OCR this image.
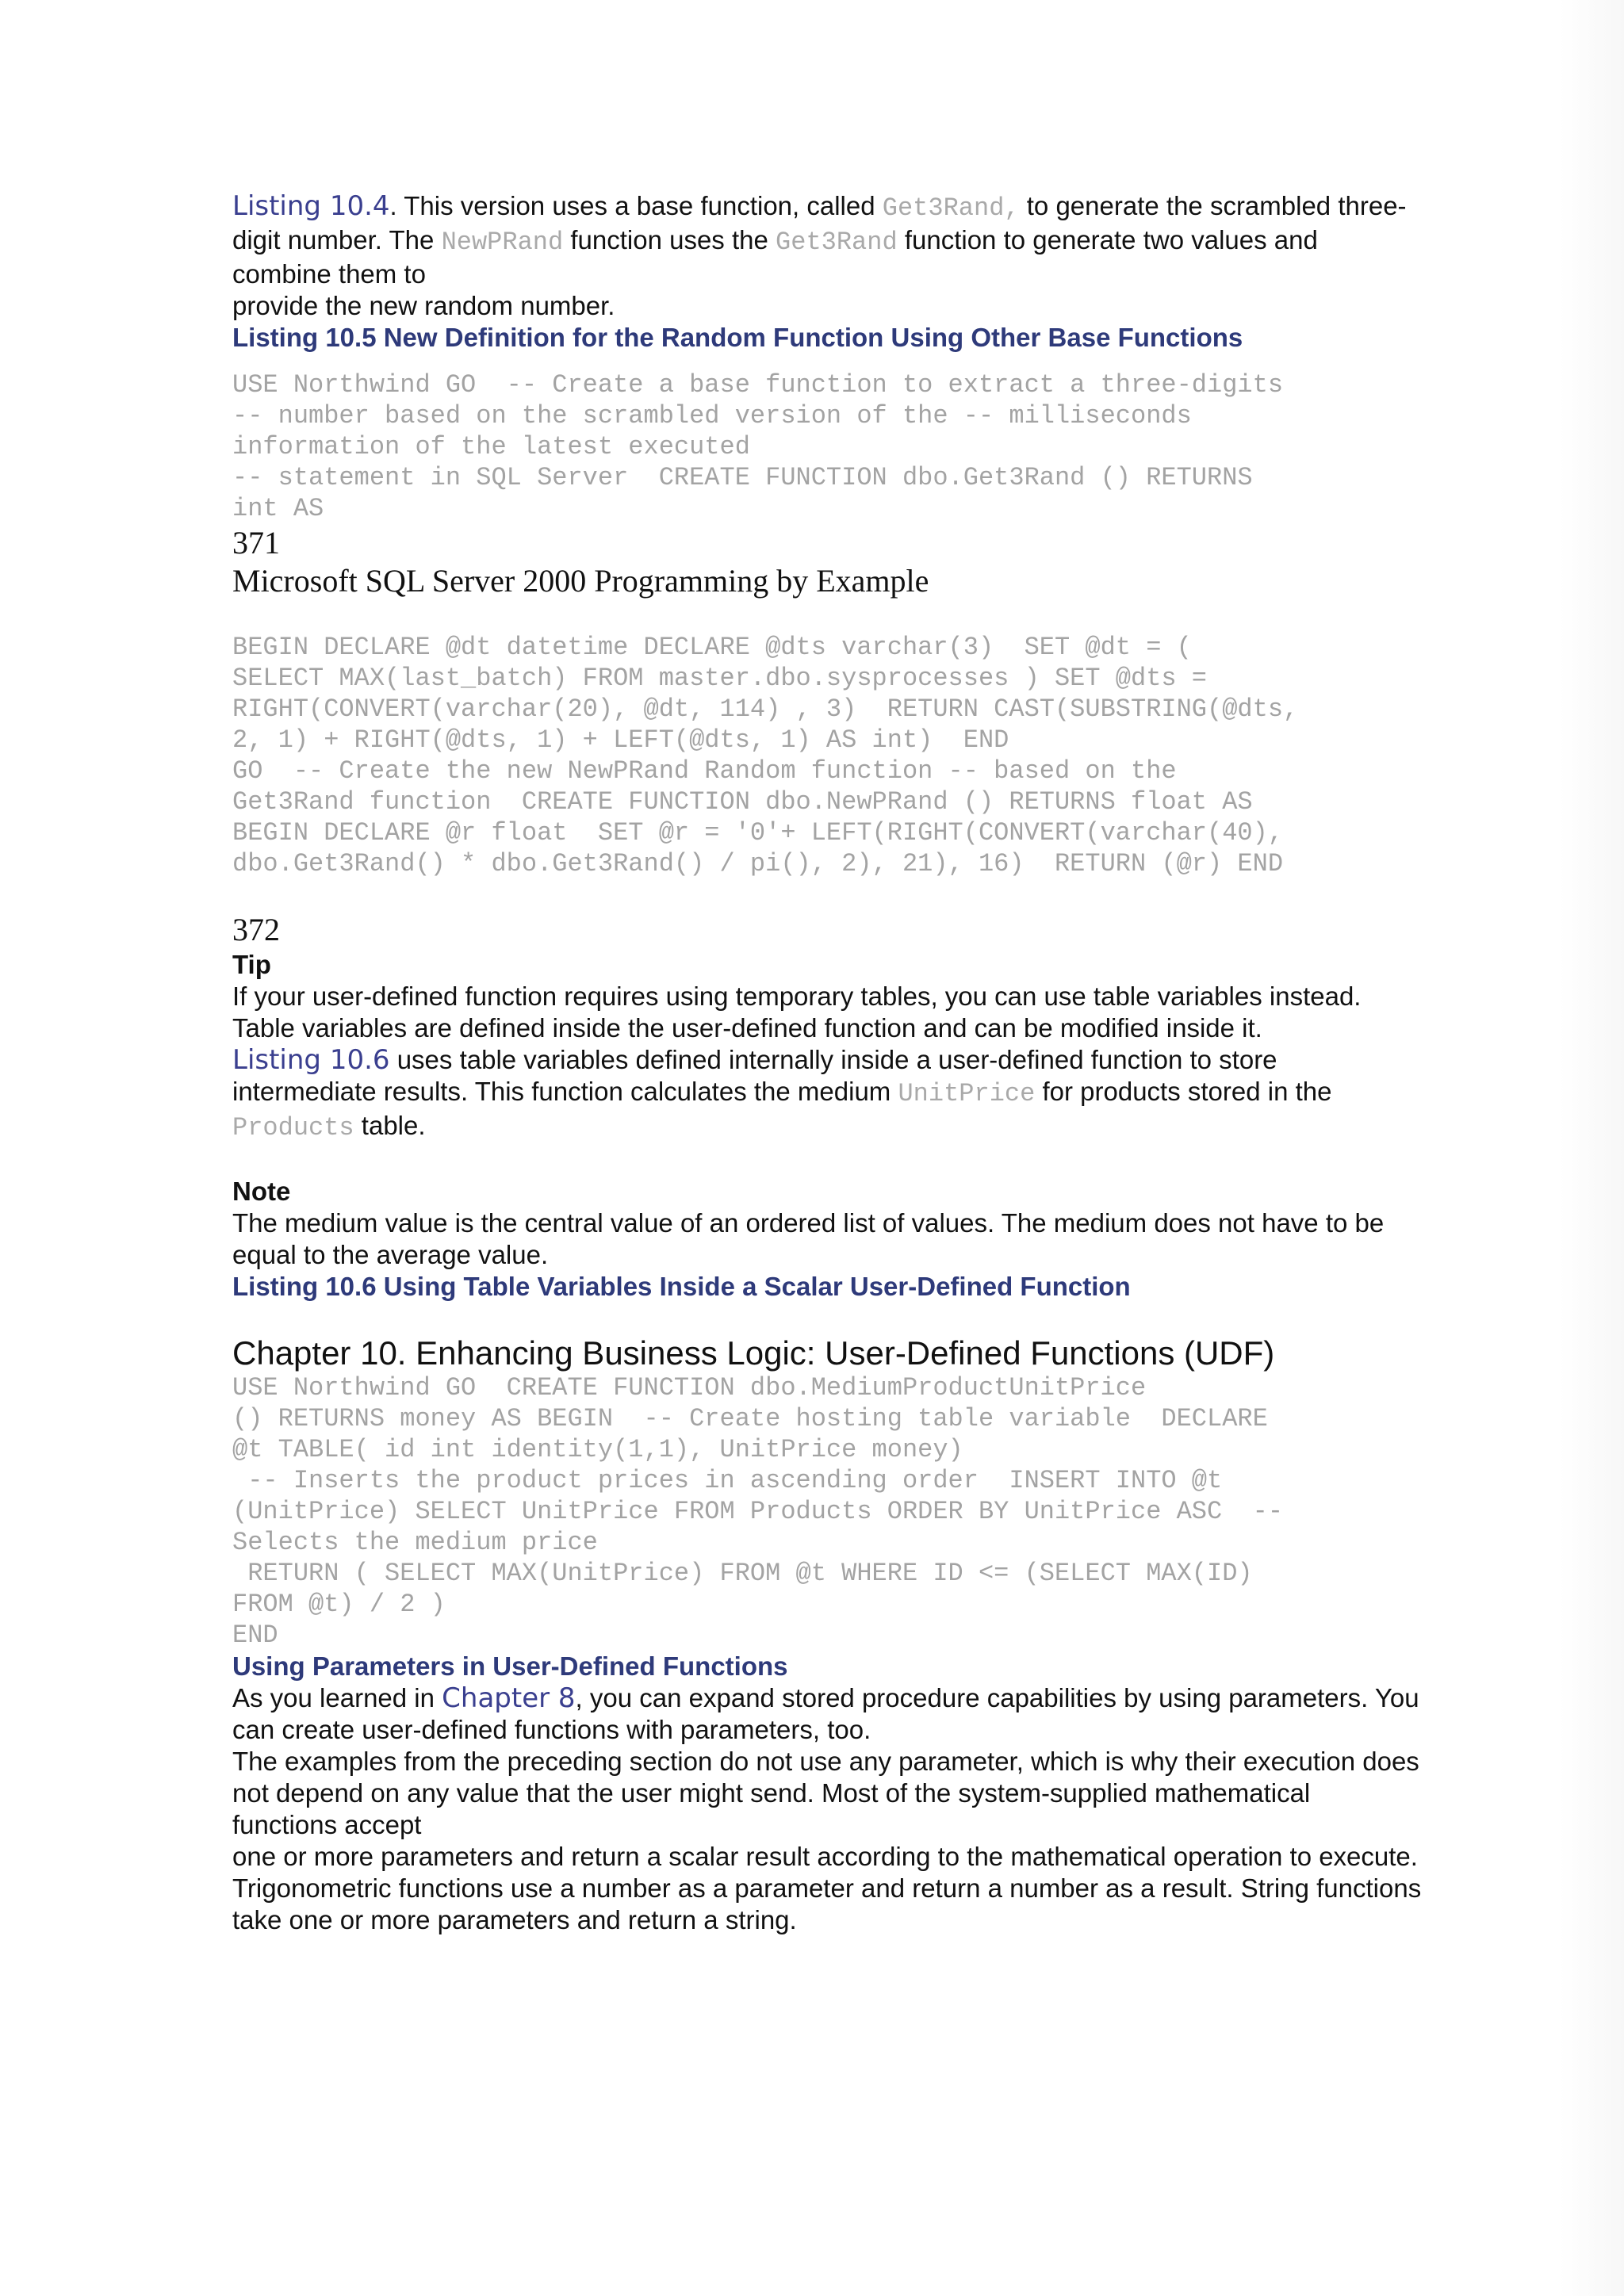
Listing 10.4. This version uses a base function, called Get3Rand, to generate the scrambled three-digit number. The NewPRand function uses the Get3Rand function to generate two values and combine them to

provide the new random number.

Listing 10.5 New Definition for the Random Function Using Other Base Functions

USE Northwind GO  -- Create a base function to extract a three-digits
-- number based on the scrambled version of the -- milliseconds
information of the latest executed
-- statement in SQL Server  CREATE FUNCTION dbo.Get3Rand () RETURNS
int AS

371

Microsoft SQL Server 2000 Programming by Example

BEGIN DECLARE @dt datetime DECLARE @dts varchar(3)  SET @dt = (
SELECT MAX(last_batch) FROM master.dbo.sysprocesses ) SET @dts =
RIGHT(CONVERT(varchar(20), @dt, 114) , 3)  RETURN CAST(SUBSTRING(@dts,
2, 1) + RIGHT(@dts, 1) + LEFT(@dts, 1) AS int)  END
GO  -- Create the new NewPRand Random function -- based on the
Get3Rand function  CREATE FUNCTION dbo.NewPRand () RETURNS float AS
BEGIN DECLARE @r float  SET @r = '0'+ LEFT(RIGHT(CONVERT(varchar(40),
dbo.Get3Rand() * dbo.Get3Rand() / pi(), 2), 21), 16)  RETURN (@r) END

372

Tip

If your user-defined function requires using temporary tables, you can use table variables instead. Table variables are defined inside the user-defined function and can be modified inside it.

Listing 10.6 uses table variables defined internally inside a user-defined function to store intermediate results. This function calculates the medium UnitPrice for products stored in the Products table.

Note

The medium value is the central value of an ordered list of values. The medium does not have to be equal to the average value.

Listing 10.6 Using Table Variables Inside a Scalar User-Defined Function

Chapter 10. Enhancing Business Logic: User-Defined Functions (UDF)

USE Northwind GO  CREATE FUNCTION dbo.MediumProductUnitPrice
() RETURNS money AS BEGIN  -- Create hosting table variable  DECLARE
@t TABLE( id int identity(1,1), UnitPrice money)
-- Inserts the product prices in ascending order  INSERT INTO @t
(UnitPrice) SELECT UnitPrice FROM Products ORDER BY UnitPrice ASC  --
Selects the medium price
RETURN ( SELECT MAX(UnitPrice) FROM @t WHERE ID <= (SELECT MAX(ID)
FROM @t) / 2 )
END

Using Parameters in User-Defined Functions

As you learned in Chapter 8, you can expand stored procedure capabilities by using parameters. You can create user-defined functions with parameters, too.

The examples from the preceding section do not use any parameter, which is why their execution does not depend on any value that the user might send. Most of the system-supplied mathematical functions accept

one or more parameters and return a scalar result according to the mathematical operation to execute. Trigonometric functions use a number as a parameter and return a number as a result. String functions take one or more parameters and return a string.
